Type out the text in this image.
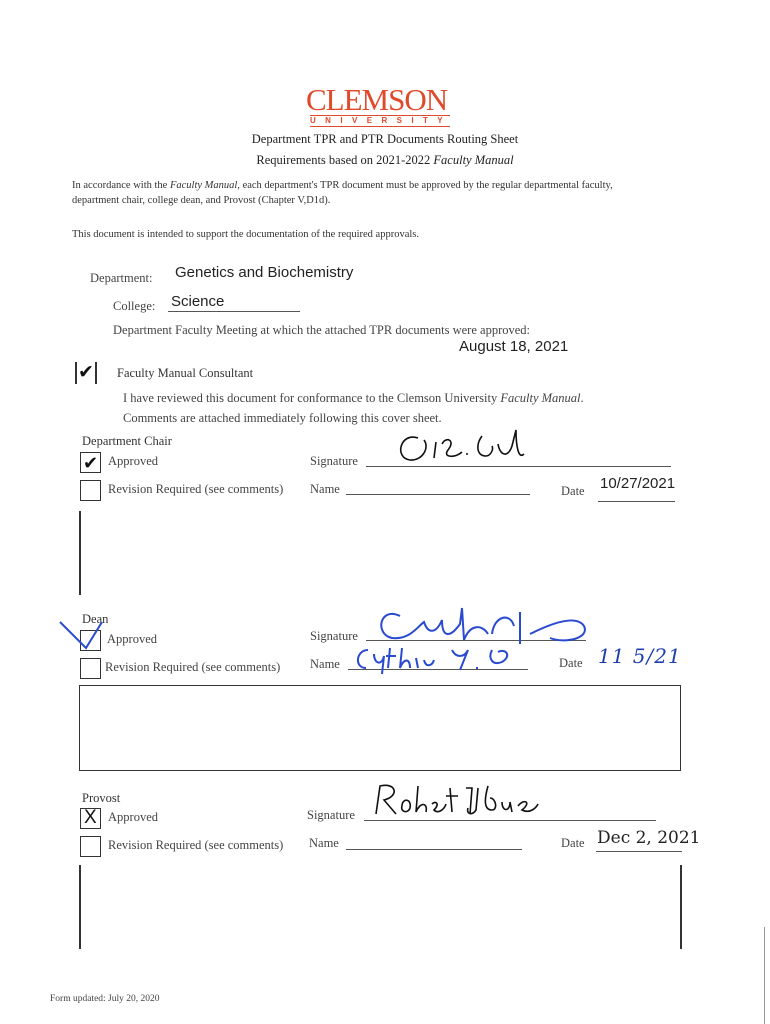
CLEMSON
UNIVERSITY
Department TPR and PTR Documents Routing Sheet
Requirements based on 2021-2022 Faculty Manual
In accordance with the Faculty Manual, each department's TPR document must be approved by the regular departmental faculty,
department chair, college dean, and Provost (Chapter V,D1d).
This document is intended to support the documentation of the required approvals.
Department: Genetics and Biochemistry
College: Science
Department Faculty Meeting at which the attached TPR documents were approved:
August 18, 2021
✔ Faculty Manual Consultant
I have reviewed this document for conformance to the Clemson University Faculty Manual.
Comments are attached immediately following this cover sheet.
Department Chair
✔ Approved
Revision Required (see comments)
Signature
Name	Date 10/27/2021
Dean
Approved
Revision Required (see comments)
Signature
Name	Date 11 5/21
Provost
X Approved
Revision Required (see comments)
Signature
Name	Date Dec 2, 2021
Form updated: July 20, 2020
